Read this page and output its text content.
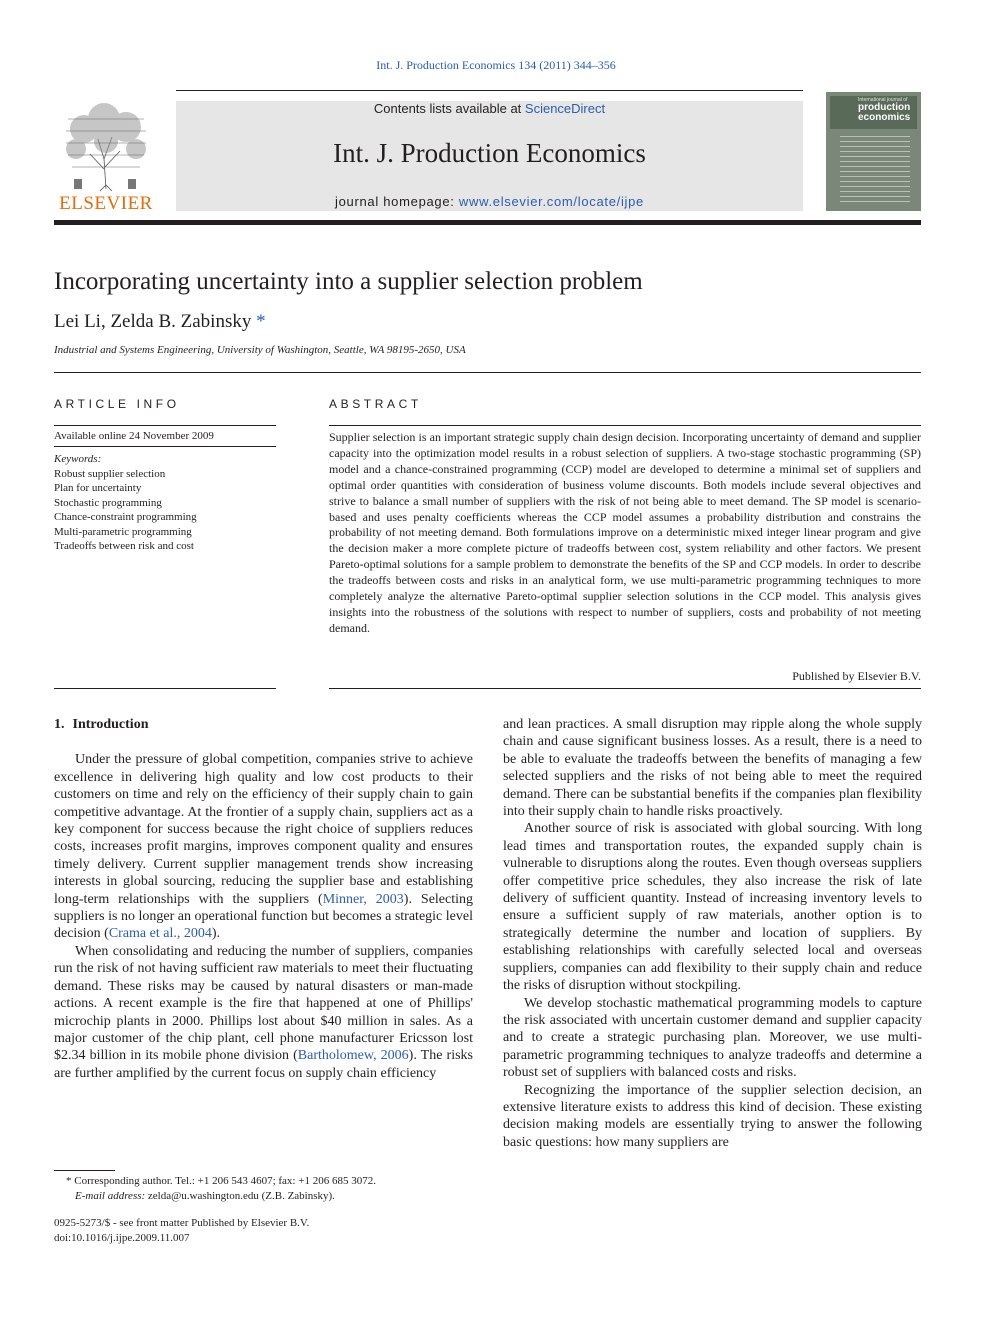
Int. J. Production Economics 134 (2011) 344–356
ELSEVIER
Contents lists available at ScienceDirect
Int. J. Production Economics
journal homepage: www.elsevier.com/locate/ijpe
International journal of
production
economics
Incorporating uncertainty into a supplier selection problem
Lei Li, Zelda B. Zabinsky *
Industrial and Systems Engineering, University of Washington, Seattle, WA 98195-2650, USA
ARTICLE INFO
Available online 24 November 2009
Keywords:
Robust supplier selection
Plan for uncertainty
Stochastic programming
Chance-constraint programming
Multi-parametric programming
Tradeoffs between risk and cost
ABSTRACT
Supplier selection is an important strategic supply chain design decision. Incorporating uncertainty of demand and supplier capacity into the optimization model results in a robust selection of suppliers. A two-stage stochastic programming (SP) model and a chance-constrained programming (CCP) model are developed to determine a minimal set of suppliers and optimal order quantities with consideration of business volume discounts. Both models include several objectives and strive to balance a small number of suppliers with the risk of not being able to meet demand. The SP model is scenario-based and uses penalty coefficients whereas the CCP model assumes a probability distribution and constrains the probability of not meeting demand. Both formulations improve on a deterministic mixed integer linear program and give the decision maker a more complete picture of tradeoffs between cost, system reliability and other factors. We present Pareto-optimal solutions for a sample problem to demonstrate the benefits of the SP and CCP models. In order to describe the tradeoffs between costs and risks in an analytical form, we use multi-parametric programming techniques to more completely analyze the alternative Pareto-optimal supplier selection solutions in the CCP model. This analysis gives insights into the robustness of the solutions with respect to number of suppliers, costs and probability of not meeting demand.
Published by Elsevier B.V.
1. Introduction

Under the pressure of global competition, companies strive to achieve excellence in delivering high quality and low cost products to their customers on time and rely on the efficiency of their supply chain to gain competitive advantage. At the frontier of a supply chain, suppliers act as a key component for success because the right choice of suppliers reduces costs, increases profit margins, improves component quality and ensures timely delivery. Current supplier management trends show increasing interests in global sourcing, reducing the supplier base and establishing long-term relationships with the suppliers (Minner, 2003). Selecting suppliers is no longer an operational function but becomes a strategic level decision (Crama et al., 2004).

When consolidating and reducing the number of suppliers, companies run the risk of not having sufficient raw materials to meet their fluctuating demand. These risks may be caused by natural disasters or man-made actions. A recent example is the fire that happened at one of Phillips' microchip plants in 2000. Phillips lost about $40 million in sales. As a major customer of the chip plant, cell phone manufacturer Ericsson lost $2.34 billion in its mobile phone division (Bartholomew, 2006). The risks are further amplified by the current focus on supply chain efficiency

and lean practices. A small disruption may ripple along the whole supply chain and cause significant business losses. As a result, there is a need to be able to evaluate the tradeoffs between the benefits of managing a few selected suppliers and the risks of not being able to meet the required demand. There can be substantial benefits if the companies plan flexibility into their supply chain to handle risks proactively.

Another source of risk is associated with global sourcing. With long lead times and transportation routes, the expanded supply chain is vulnerable to disruptions along the routes. Even though overseas suppliers offer competitive price schedules, they also increase the risk of late delivery of sufficient quantity. Instead of increasing inventory levels to ensure a sufficient supply of raw materials, another option is to strategically determine the number and location of suppliers. By establishing relationships with carefully selected local and overseas suppliers, companies can add flexibility to their supply chain and reduce the risks of disruption without stockpiling.

We develop stochastic mathematical programming models to capture the risk associated with uncertain customer demand and supplier capacity and to create a strategic purchasing plan. Moreover, we use multi-parametric programming techniques to analyze tradeoffs and determine a robust set of suppliers with balanced costs and risks.

Recognizing the importance of the supplier selection decision, an extensive literature exists to address this kind of decision. These existing decision making models are essentially trying to answer the following basic questions: how many suppliers are

* Corresponding author. Tel.: +1 206 543 4607; fax: +1 206 685 3072.
E-mail address: zelda@u.washington.edu (Z.B. Zabinsky).
0925-5273/$ - see front matter Published by Elsevier B.V.
doi:10.1016/j.ijpe.2009.11.007
